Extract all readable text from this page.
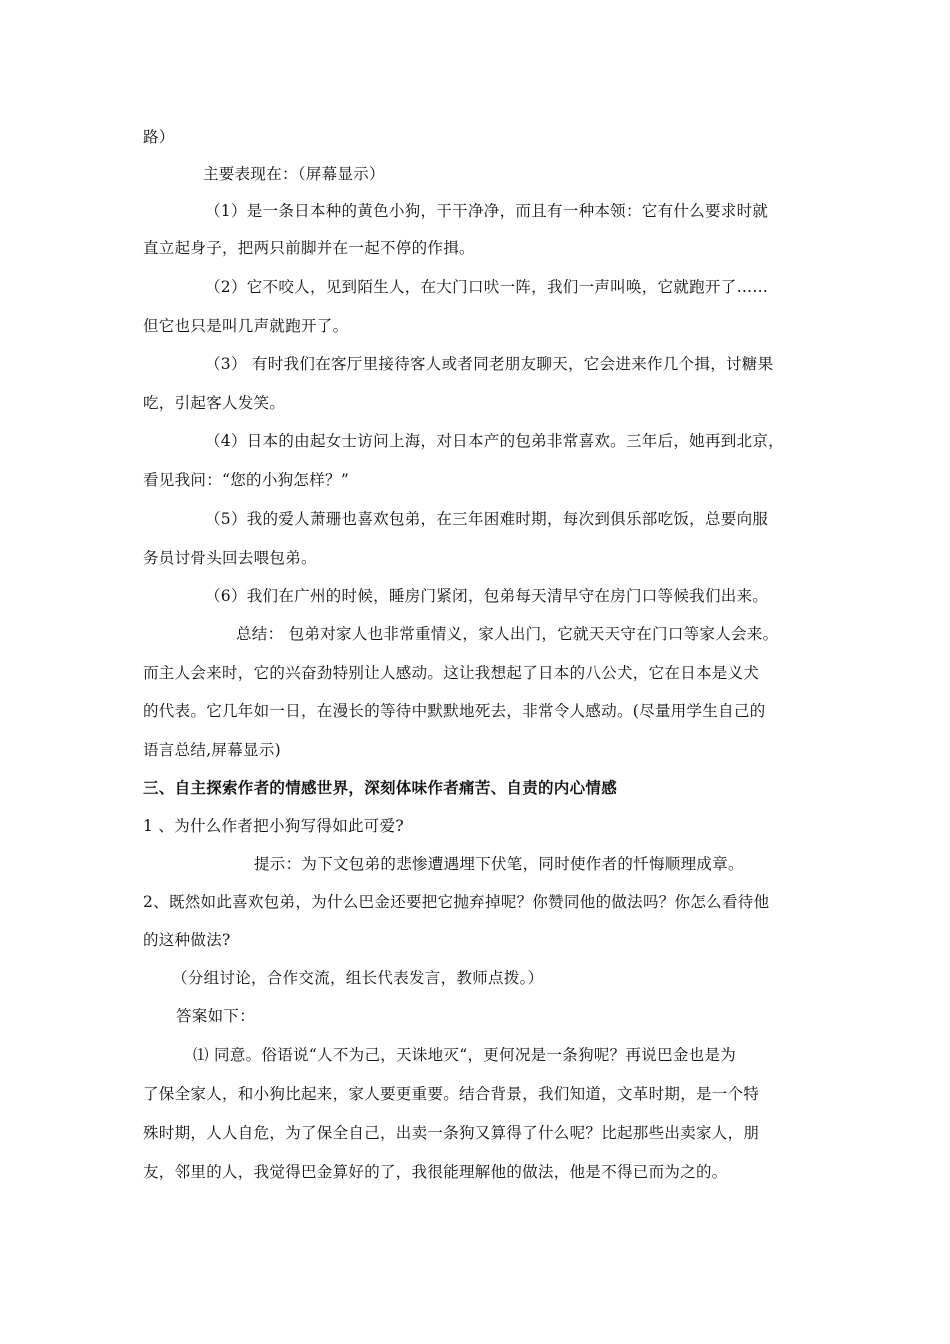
路）
主要表现在：（屏幕显示）
（1）是一条日本种的黄色小狗，干干净净，而且有一种本领：它有什么要求时就
直立起身子，把两只前脚并在一起不停的作揖。
（2）它不咬人，见到陌生人，在大门口吠一阵，我们一声叫唤，它就跑开了……
但它也只是叫几声就跑开了。
（3） 有时我们在客厅里接待客人或者同老朋友聊天，它会进来作几个揖，讨糖果
吃，引起客人发笑。
（4）日本的由起女士访问上海，对日本产的包弟非常喜欢。三年后，她再到北京，
看见我问：“您的小狗怎样？”
（5）我的爱人萧珊也喜欢包弟，在三年困难时期，每次到俱乐部吃饭，总要向服
务员讨骨头回去喂包弟。
（6）我们在广州的时候，睡房门紧闭，包弟每天清早守在房门口等候我们出来。
总结： 包弟对家人也非常重情义，家人出门，它就天天守在门口等家人会来。
而主人会来时，它的兴奋劲特别让人感动。这让我想起了日本的八公犬，它在日本是义犬
的代表。它几年如一日，在漫长的等待中默默地死去，非常令人感动。(尽量用学生自己的
语言总结,屏幕显示)
三、自主探索作者的情感世界，深刻体味作者痛苦、自责的内心情感
1 、为什么作者把小狗写得如此可爱?
提示：为下文包弟的悲惨遭遇埋下伏笔，同时使作者的忏悔顺理成章。
2、既然如此喜欢包弟，为什么巴金还要把它抛弃掉呢？你赞同他的做法吗？你怎么看待他
的这种做法?
（分组讨论，合作交流，组长代表发言，教师点拨。）
答案如下：
⑴ 同意。俗语说“人不为己，天诛地灭“，更何况是一条狗呢？再说巴金也是为
了保全家人，和小狗比起来，家人要更重要。结合背景，我们知道，文革时期，是一个特
殊时期，人人自危，为了保全自己，出卖一条狗又算得了什么呢？比起那些出卖家人，朋
友，邻里的人，我觉得巴金算好的了，我很能理解他的做法，他是不得已而为之的。
